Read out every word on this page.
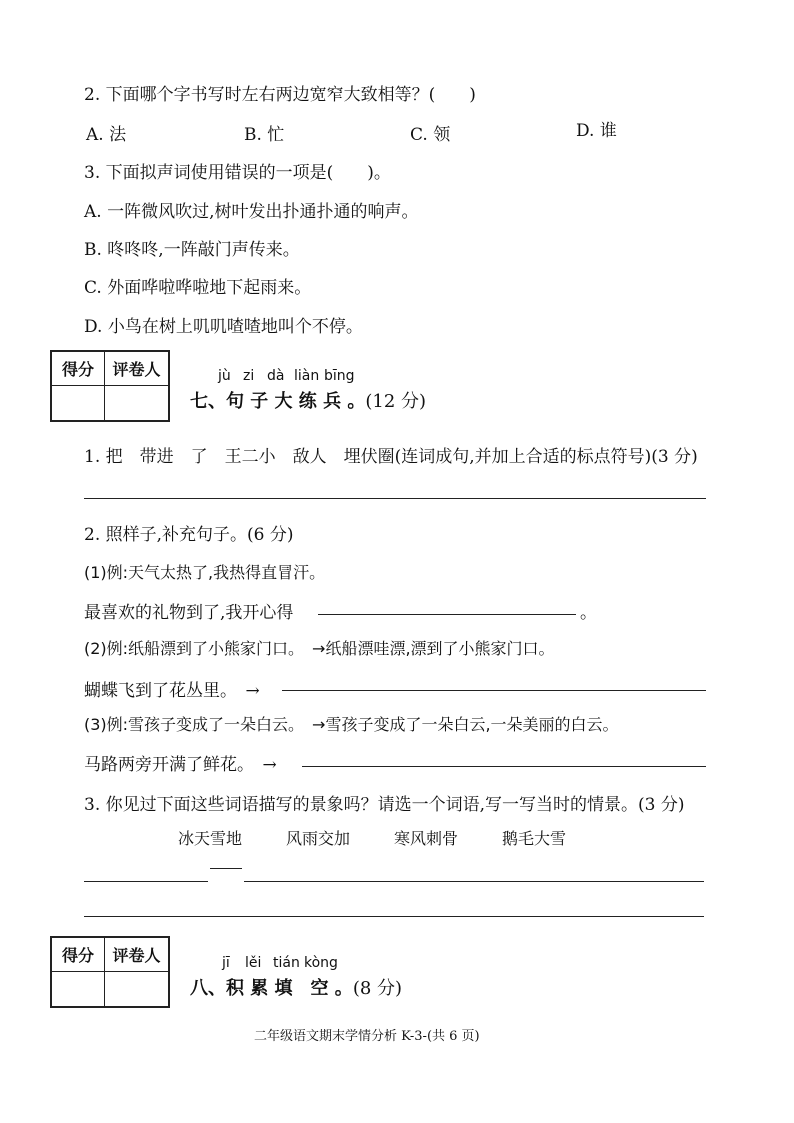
2. 下面哪个字书写时左右两边宽窄大致相等？(　　)
A. 法	B. 忙	C. 领	D. 谁
3. 下面拟声词使用错误的一项是(　　)。
A. 一阵微风吹过,树叶发出扑通扑通的响声。
B. 咚咚咚,一阵敲门声传来。
C. 外面哗啦哗啦地下起雨来。
D. 小鸟在树上叽叽喳喳地叫个不停。
得分	评卷人
		jù zi dà liàn bīng
七、句 子 大 练 兵 。(12 分)
1. 把　带进　了　王二小　敌人　埋伏圈(连词成句,并加上合适的标点符号)(3 分)
2. 照样子,补充句子。(6 分)
(1)例:天气太热了,我热得直冒汗。
最喜欢的礼物到了,我开心得	。
(2)例:纸船漂到了小熊家门口。　→纸船漂哇漂,漂到了小熊家门口。
蝴蝶飞到了花丛里。　→
(3)例:雪孩子变成了一朵白云。　→雪孩子变成了一朵白云,一朵美丽的白云。
马路两旁开满了鲜花。　→
3. 你见过下面这些词语描写的景象吗？请选一个词语,写一写当时的情景。(3 分)
冰天雪地	风雨交加	寒风刺骨	鹅毛大雪
得分	评卷人
		jī lěi tián kòng
八、积 累 填　空 。(8 分)
二年级语文期末学情分析 K-3-(共 6 页)
